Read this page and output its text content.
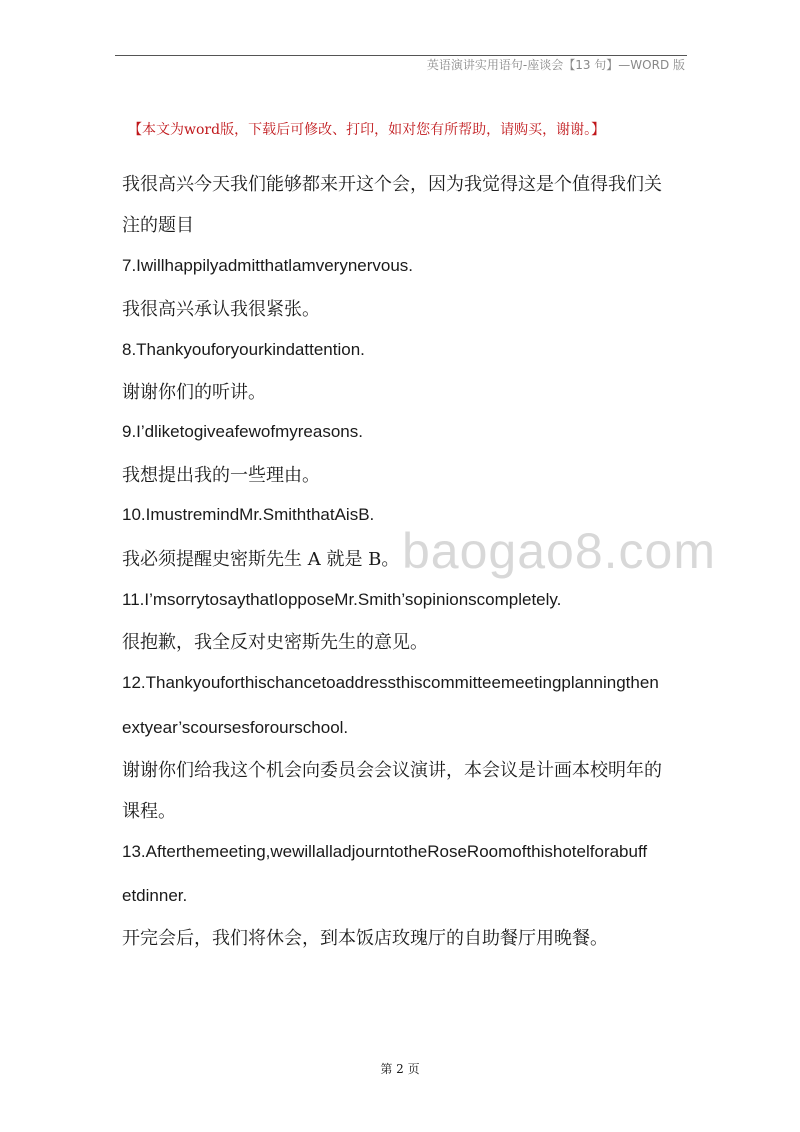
英语演讲实用语句-座谈会【13 句】—WORD 版
【本文为word版，下载后可修改、打印，如对您有所帮助，请购买，谢谢。】
baogao8.com
我很高兴今天我们能够都来开这个会，因为我觉得这是个值得我们关
注的题目
7.Iwillhappilyadmitthatlamverynervous.
我很高兴承认我很紧张。
8.Thankyouforyourkindattention.
谢谢你们的听讲。
9.I’dliketogiveafewofmyreasons.
我想提出我的一些理由。
10.ImustremindMr.SmiththatAisB.
我必须提醒史密斯先生 A 就是 B。
11.I’msorrytosaythatIopposeMr.Smith’sopinionscompletely.
很抱歉，我全反对史密斯先生的意见。
12.Thankyouforthischancetoaddressthiscommitteemeetingplanningthen
extyear’scoursesforourschool.
谢谢你们给我这个机会向委员会会议演讲，本会议是计画本校明年的
课程。
13.Afterthemeeting,wewillalladjourntotheRoseRoomofthishotelforabuff
etdinner.
开完会后，我们将休会，到本饭店玫瑰厅的自助餐厅用晚餐。
第 2 页
